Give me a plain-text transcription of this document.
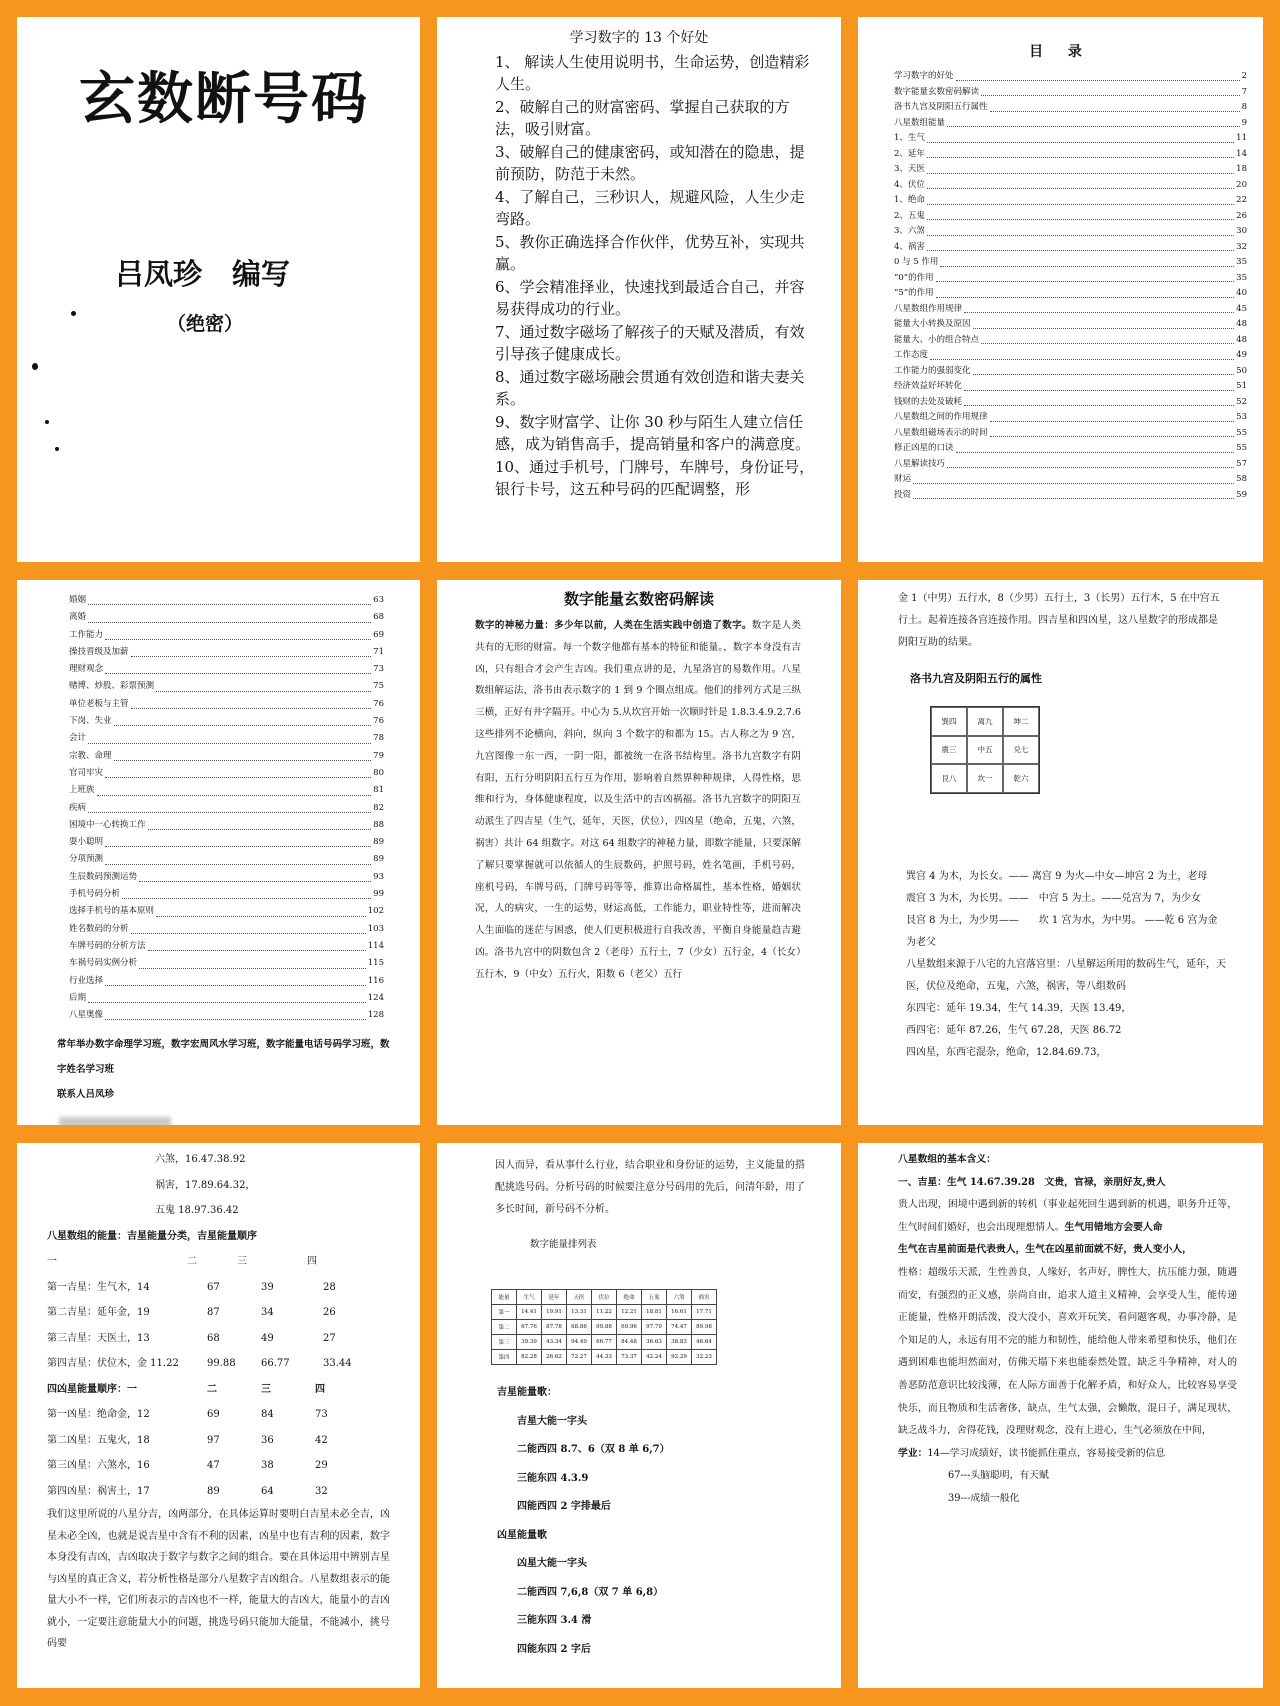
玄数断号码
吕凤珍 编写
（绝密）
学习数字的 13 个好处
1、 解读人生使用说明书，生命运势，创造精彩人生。
2、破解自己的财富密码、掌握自己获取的方法，吸引财富。
3、破解自己的健康密码，或知潜在的隐患，提前预防，防范于未然。
4、了解自己，三秒识人，规避风险，人生少走弯路。
5、教你正确选择合作伙伴，优势互补，实现共赢。
6、学会精准择业，快速找到最适合自己，并容易获得成功的行业。
7、通过数字磁场了解孩子的天赋及潜质，有效引导孩子健康成长。
8、通过数字磁场融会贯通有效创造和谐夫妻关系。
9、数字财富学、让你 30 秒与陌生人建立信任感，成为销售高手，提高销量和客户的满意度。
10、通过手机号，门牌号，车牌号，身份证号，银行卡号，这五种号码的匹配调整，形
目 录
学习数字的好处	2
数字能量玄数密码解读	7
洛书九宫及阴阳五行属性	8
八星数组能量	9
1、生气	11
2、延年	14
3、天医	18
4、伏位	20
1、绝命	22
2、五鬼	26
3、六煞	30
4、祸害	32
0 与 5 作用	35
“0”的作用	35
“5”的作用	40
八星数组作用规律	45
能量大小转换及原因	48
能量大、小的组合特点	48
工作态度	49
工作能力的强弱变化	50
经济效益好坏转化	51
钱财的去处及破耗	52
八星数组之间的作用规律	53
八星数组磁场表示的时间	55
修正凶星的口诀	55
八星解读技巧	57
财运	58
投资	59
婚姻	63
离婚	68
工作能力	69
操技晋级及加薪	71
理财观念	73
赌博、炒股、彩票预测	75
单位老板与主管	76
下岗、失业	76
会计	78
宗教、命理	79
官司牢灾	80
上班族	81
疾病	82
困境中一心转换工作	88
耍小聪明	89
分项预测	89
生辰数码预测运势	93
手机号码分析	99
选择手机号的基本原则	102
姓名数码的分析	103
车牌号码的分析方法	114
车祸号码实例分析	115
行业选择	116
后期	124
八星奥像	128
常年举办数字命理学习班，数字宏周风水学习班，数字能量电话号码学习班，数字姓名学习班
联系人吕凤珍
数字能量玄数密码解读
数字的神秘力量：多少年以前，人类在生活实践中创造了数字。数字是人类共有的无形的财富。每一个数字他都有基本的特征和能量。，数字本身没有吉凶，只有组合才会产生吉凶。我们重点讲的是，九星洛宫的易数作用。八星数组解运法，洛书由表示数字的 1 到 9 个圈点组成。他们的排列方式是三纵三横，正好有井字隔开。中心为 5.从坎宫开始一次顺时针是 1.8.3.4.9.2.7.6 这些排列不论横向，斜向，纵向 3 个数字的和都为 15。古人称之为 9 宫，九宫图像一东一西，一阴一阳，都被统一在洛书结构里。洛书九宫数字有阴有阳，五行分明阴阳五行互为作用，影响着自然界种种规律，人得性格，思维和行为，身体健康程度，以及生活中的吉凶祸福。洛书九宫数字的阴阳互动派生了四吉星（生气，延年，天医，伏位），四凶星（绝命，五鬼，六煞，祸害）共计 64 组数字。对这 64 组数字的神秘力量，即数字能量，只要深解了解只要掌握就可以依循人的生辰数码，护照号码，姓名笔画，手机号码，座机号码，车牌号码，门牌号码等等，推算出命格属性，基本性格，婚姻状况，人的病灾，一生的运势，财运高低，工作能力，职业特性等，进而解决人生面临的迷茫与困惑，使人们更积极进行自我改善，平衡自身能量趋吉避凶。洛书九宫中的阴数包含 2（老母）五行土，7（少女）五行金，4（长女）五行木，9（中女）五行火，阳数 6（老父）五行
金 1（中男）五行水，8（少男）五行土，3（长男）五行木，5 在中宫五行土。起着连接各宫连接作用。四吉星和四凶星，这八星数字的形成都是阴阳互助的结果。
洛书九宫及阴阳五行的属性
巽四	离九	坤二
震三	中五	兑七
艮八	坎一	乾六
巽宫 4 为木，为长女。—— 离宫 9 为火—中女—坤宫 2 为土，老母
震宫 3 为木，为长男。——　中宫 5 为土。——兑宫为 7，为少女
艮宫 8 为土，为少男——　　坎 1 宫为水，为中男。 ——乾 6 宫为金为老父
八星数组来源于八宅的九宫落宫里：八星解运所用的数码生气，延年，天医，伏位及绝命，五鬼，六煞，祸害，等八组数码
东四宅：延年 19.34，生气 14.39，天医 13.49，
西四宅：延年 87.26，生气 67.28，天医 86.72
四凶星，东西宅混杂，绝命，12.84.69.73，
六煞，16.47.38.92
祸害，17.89.64.32，
五鬼 18.97.36.42
八星数组的能量：吉星能量分类，吉星能量顺序
一	二	三	四
第一吉星：生气木，14	67	39	28
第二吉星：延年金，19	87	34	26
第三吉星：天医土，13	68	49	27
第四吉星：伏位木，金 11.22	99.88	66.77	33.44
四凶星能量顺序：一	二	三	四
第一凶星：绝命金，12	69	84	73
第二凶星：五鬼火，18	97	36	42
第三凶星：六煞水，16	47	38	29
第四凶星：祸害土，17	89	64	32
我们这里所说的八星分吉，凶两部分，在具体运算时要明白吉星未必全吉，凶星未必全凶，也就是说吉星中含有不利的因素，凶星中也有吉利的因素，数字本身没有吉凶，吉凶取决于数字与数字之间的组合。要在具体运用中辨别吉星与凶星的真正含义，若分析性格是部分八星数字吉凶组合。八星数组表示的能量大小不一样，它们所表示的吉凶也不一样，能量大的吉凶大，能量小的吉凶就小，一定要注意能量大小的问题，挑选号码只能加大能量，不能减小，挑号码要
因人而异，看从事什么行业，结合职业和身份证的运势，主义能量的搭配挑选号码。分析号码的时候要注意分号码用的先后，问清年龄，用了多长时间，新号码不分析。
数字能量排列表
能量	生气	延年	天医	伏位	绝命	五鬼	六煞	祸害
第一	14.41	19.91	13.31	11.22	12.21	18.81	16.61	17.71
第二	67.76	87.78	68.86	99.88	69.96	97.79	74.47	89.98
第三	39.39	43.34	94.49	66.77	84.48	36.63	38.83	46.64
第四	82.28	26.62	72.27	44.33	73.37	42.24	92.29	32.23
吉星能量歌：
吉星大能一字头
二能西四 8.7、6（双 8 单 6,7）
三能东四 4.3.9
四能西四 2 字排最后
凶星能量歌
凶星大能一字头
二能西四 7,6,8（双 7 单 6,8）
三能东四 3.4 滑
四能东四 2 字后
八星数组的基本含义：
一、吉星：生气 14.67.39.28　文贵，官禄，亲朋好友,贵人
贵人出现，困境中遇到新的转机（事业起死回生遇到新的机遇，职务升迁等，生气时间们婚好，也会出现理想情人。生气用错地方会要人命
生气在吉星前面是代表贵人，生气在凶星前面就不好，贵人变小人，
性格：超级乐天派，生性善良，人缘好，名声好，脾性大，抗压能力强，随遇而安，有强烈的正义感，崇尚自由，追求人道主义精神，会享受人生，能传递正能量，性格开朗活泼，没大没小，喜欢开玩笑，看问题客观，办事冷静，是个知足的人，永远有用不完的能力和韧性，能给他人带来希望和快乐，他们在遇到困难也能坦然面对，仿佛天塌下来也能泰然处置，缺乏斗争精神，对人的善恶防范意识比较浅薄，在人际方面善于化解矛盾，和好众人，比较容易享受快乐，而且物质和生活奢侈，缺点，生气太强，会懒散，混日子，满足现状，缺乏战斗力，舍得花钱，没理财观念，没有上进心，生气必须放在中间，
学业：14—学习成绩好，读书能抓住重点，容易接受新的信息
67---头脑聪明，有天赋
39---成绩一般化
